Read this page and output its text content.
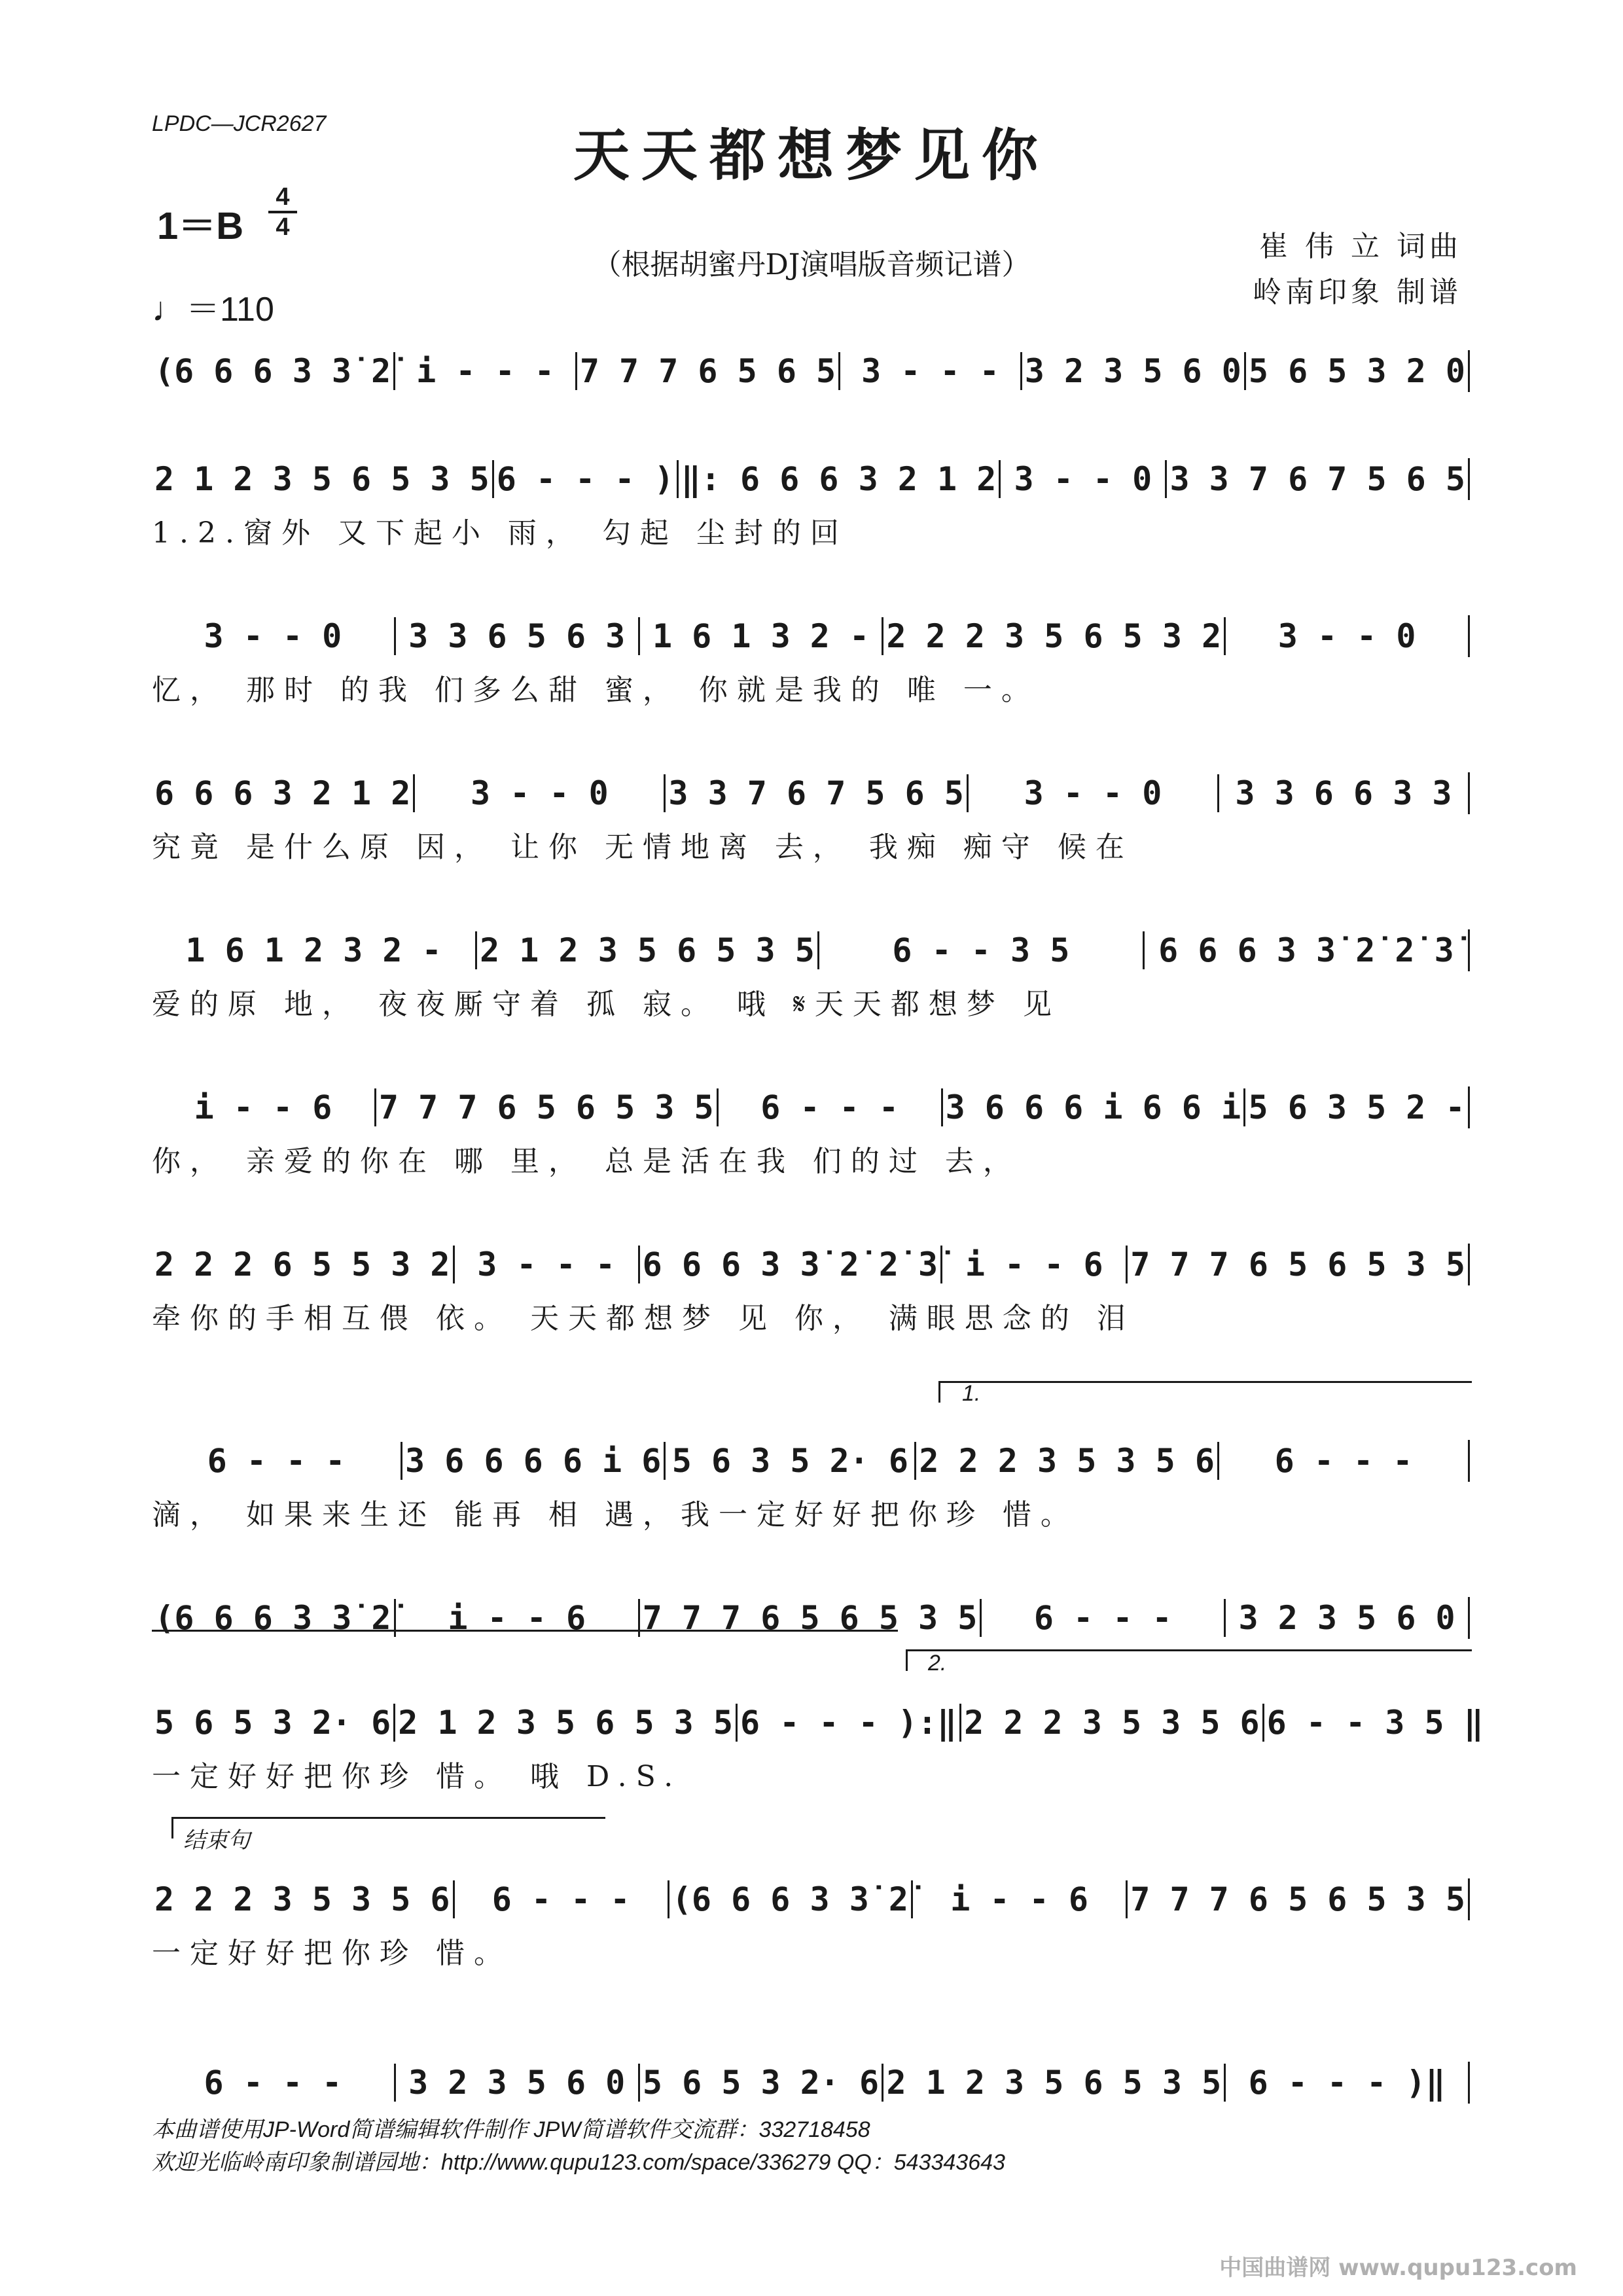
LPDC—JCR2627	天天都想梦见你
1＝B
4
4
（根据胡蜜丹DJ演唱版音频记谱）
♩＝110
崔 伟 立 词曲
岭南印象 制谱
(6 6 6 3 3̇ 2̇ i - - - 7 7 7 6 5 6 5 3 - - - 3 2 3 5 6 0 5 6 5 3 2 0
2 1 2 3 5 6 5 3 5 6 - - - ) ‖: 6 6 6 3 2 1 2 3 - - 0 3 3 7 6 7 5 6 5
1.2.窗外 又下起小 雨， 勾起 尘封的回
3 - - 0	3 3 6 5 6 3 1 6 1 3 2 - 2 2 2 3 5 6 5 3 2	3 - - 0
忆， 那时 的我 们多么甜 蜜， 你就是我的 唯 一。
6 6 6 3 2 1 2	3 - - 0	3 3 7 6 7 5 6 5	3 - - 0	3 3 6 6 3 3
究竟 是什么原 因， 让你 无情地离 去， 我痴 痴守 候在
1 6 1 2 3 2 -	2 1 2 3 5 6 5 3 5	6 - - 3 5	6 6 6 3 3̇ 2̇ 2̇ 3̇
爱的原 地， 夜夜厮守着 孤 寂。 哦 𝄋天天都想梦 见
i - - 6	7 7 7 6 5 6 5 3 5	6 - - -	3 6 6 6 i 6 6 i 5 6 3 5 2 -
你， 亲爱的你在 哪 里， 总是活在我 们的过 去，
2 2 2 6 5 5 3 2 3 - - - 6 6 6 3 3̇ 2̇ 2̇ 3̇ i - - 6 7 7 7 6 5 6 5 3 5
牵你的手相互偎 依。 天天都想梦 见 你， 满眼思念的 泪
6 - - -	3 6 6 6 6 i 6 5 6 3 5 2· 6 2 2 2 3 5 3 5 6	6 - - -
滴， 如果来生还 能再 相 遇，我一定好好把你珍 惜。
(6 6 6 3 3̇ 2̇	i - - 6	7 7 7 6 5 6 5 3 5	6 - - -	3 2 3 5 6 0
5 6 5 3 2· 6 2 1 2 3 5 6 5 3 5 6 - - - ):‖ 2 2 2 3 5 3 5 6 6 - - 3 5 ‖
一定好好把你珍 惜。 哦 D.S.
2 2 2 3 5 3 5 6	6 - - -	(6 6 6 3 3̇ 2̇	i - - 6	7 7 7 6 5 6 5 3 5
一定好好把你珍 惜。
6 - - -	3 2 3 5 6 0 5 6 5 3 2· 6 2 1 2 3 5 6 5 3 5 6 - - - )‖
1.
2.
结束句
本曲谱使用JP-Word简谱编辑软件制作 JPW简谱软件交流群：332718458
欢迎光临岭南印象制谱园地：http://www.qupu123.com/space/336279 QQ：543343643
中国曲谱网 www.qupu123.com
